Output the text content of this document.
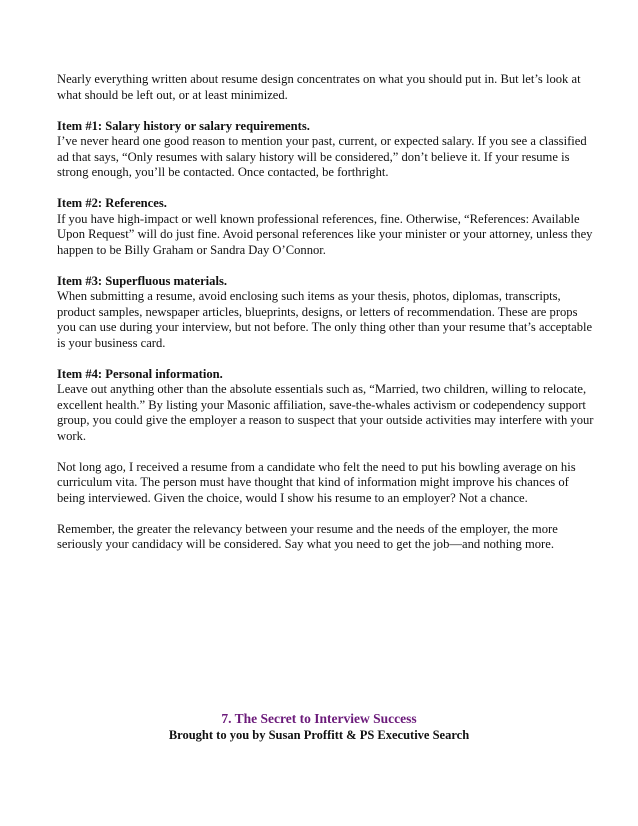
Nearly everything written about resume design concentrates on what you should put in. But let’s look at what should be left out, or at least minimized.

Item #1: Salary history or salary requirements.
I’ve never heard one good reason to mention your past, current, or expected salary. If you see a classified ad that says, “Only resumes with salary history will be considered,” don’t believe it. If your resume is strong enough, you’ll be contacted. Once contacted, be forthright.

Item #2: References.
If you have high-impact or well known professional references, fine. Otherwise, “References: Available Upon Request” will do just fine. Avoid personal references like your minister or your attorney, unless they happen to be Billy Graham or Sandra Day O’Connor.

Item #3: Superfluous materials.
When submitting a resume, avoid enclosing such items as your thesis, photos, diplomas, transcripts, product samples, newspaper articles, blueprints, designs, or letters of recommendation. These are props you can use during your interview, but not before. The only thing other than your resume that’s acceptable is your business card.

Item #4: Personal information.
Leave out anything other than the absolute essentials such as, “Married, two children, willing to relocate, excellent health.” By listing your Masonic affiliation, save-the-whales activism or codependency support group, you could give the employer a reason to suspect that your outside activities may interfere with your work.

Not long ago, I received a resume from a candidate who felt the need to put his bowling average on his curriculum vita. The person must have thought that kind of information might improve his chances of being interviewed. Given the choice, would I show his resume to an employer? Not a chance.

Remember, the greater the relevancy between your resume and the needs of the employer, the more seriously your candidacy will be considered. Say what you need to get the job—and nothing more.

7. The Secret to Interview Success
Brought to you by Susan Proffitt & PS Executive Search
